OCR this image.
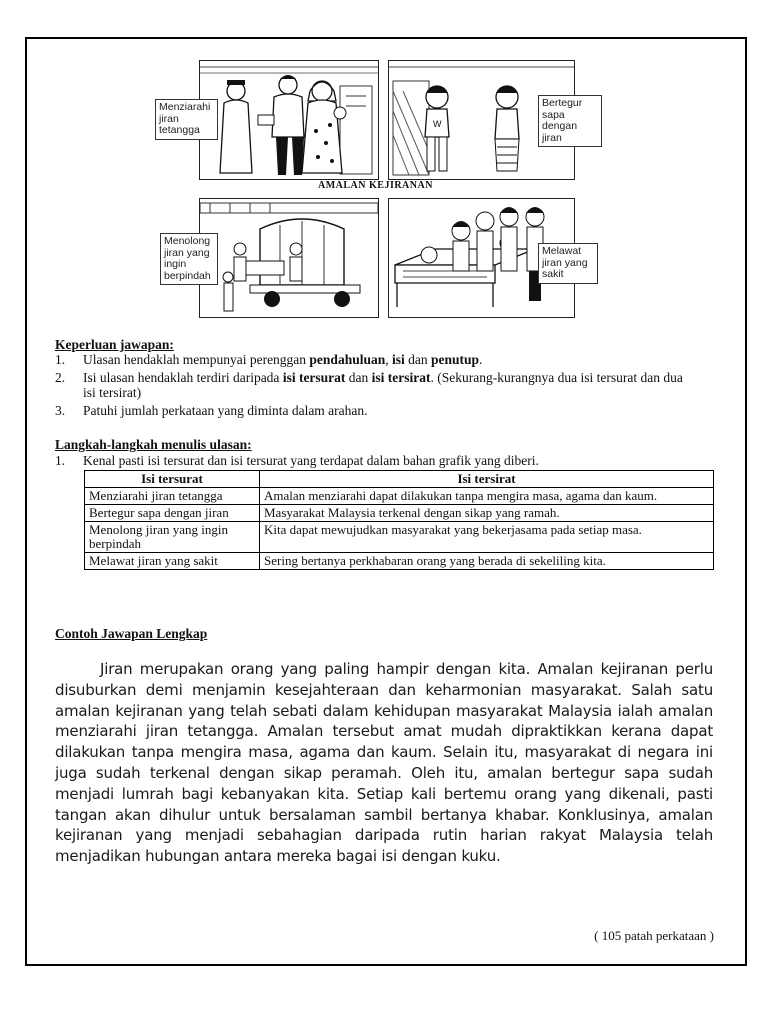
Menziarahi jiran tetangga	W
Bertegur sapa dengan jiran
AMALAN KEJIRANAN
Menolong jiran yang ingin berpindah
Melawat jiran yang sakit
Keperluan jawapan:
1. Ulasan hendaklah mempunyai perenggan pendahuluan, isi dan penutup.
2. Isi ulasan hendaklah terdiri daripada isi tersurat dan isi tersirat. (Sekurang-kurangnya dua isi tersurat dan dua isi tersirat)
3. Patuhi jumlah perkataan yang diminta dalam arahan.
Langkah-langkah menulis ulasan:
1. Kenal pasti isi tersurat dan isi tersurat yang terdapat dalam bahan grafik yang diberi.
Isi tersurat	Isi tersirat
Menziarahi jiran tetangga	Amalan menziarahi dapat dilakukan tanpa mengira masa, agama dan kaum.
Bertegur sapa dengan jiran	Masyarakat Malaysia terkenal dengan sikap yang ramah.
Menolong jiran yang ingin berpindah	Kita dapat mewujudkan masyarakat yang bekerjasama pada setiap masa.
Melawat jiran yang sakit	Sering bertanya perkhabaran orang yang berada di sekeliling kita.
Contoh Jawapan Lengkap
Jiran merupakan orang yang paling hampir dengan kita. Amalan kejiranan perlu disuburkan demi menjamin kesejahteraan dan keharmonian masyarakat. Salah satu amalan kejiranan yang telah sebati dalam kehidupan masyarakat Malaysia ialah amalan menziarahi jiran tetangga. Amalan tersebut amat mudah dipraktikkan kerana dapat dilakukan tanpa mengira masa, agama dan kaum. Selain itu, masyarakat di negara ini juga sudah terkenal dengan sikap peramah. Oleh itu, amalan bertegur sapa sudah menjadi lumrah bagi kebanyakan kita. Setiap kali bertemu orang yang dikenali, pasti tangan akan dihulur untuk bersalaman sambil bertanya khabar. Konklusinya, amalan kejiranan yang menjadi sebahagian daripada rutin harian rakyat Malaysia telah menjadikan hubungan antara mereka bagai isi dengan kuku.
( 105 patah perkataan )
